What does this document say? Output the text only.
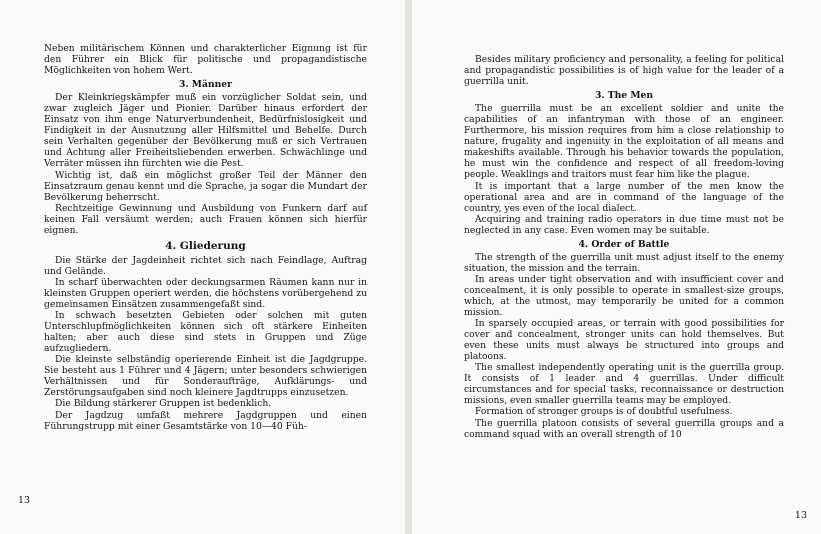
Neben militärischem Können und charakterlicher Eignung ist für den Führer ein Blick für politische und propagandistische Möglichkeiten von hohem Wert.

3. Männer

Der Kleinkriegskämpfer muß ein vorzüglicher Soldat sein, und zwar zugleich Jäger und Pionier. Darüber hinaus erfordert der Einsatz von ihm enge Naturverbundenheit, Bedürfnislosigkeit und Findigkeit in der Ausnutzung aller Hilfsmittel und Behelfe. Durch sein Verhalten gegenüber der Bevölkerung muß er sich Vertrauen und Achtung aller Freiheitsliebenden erwerben. Schwächlinge und Verräter müssen ihn fürchten wie die Pest.

Wichtig ist, daß ein möglichst großer Teil der Männer den Einsatzraum genau kennt und die Sprache, ja sogar die Mundart der Bevölkerung beherrscht.

Rechtzeitige Gewinnung und Ausbildung von Funkern darf auf keinen Fall versäumt werden; auch Frauen können sich hierfür eignen.

4. Gliederung

Die Stärke der Jagdeinheit richtet sich nach Feindlage, Auftrag und Gelände.

In scharf überwachten oder deckungsarmen Räumen kann nur in kleinsten Gruppen operiert werden, die höchstens vorübergehend zu gemeinsamen Einsätzen zusammengefaßt sind.

In schwach besetzten Gebieten oder solchen mit guten Unterschlupfmöglichkeiten können sich oft stärkere Einheiten halten; aber auch diese sind stets in Gruppen und Züge aufzugliedern.

Die kleinste selbständig operierende Einheit ist die Jagdgruppe. Sie besteht aus 1 Führer und 4 Jägern; unter besonders schwierigen Verhältnissen und für Sonderaufträge, Aufklärungs- und Zerstörungsaufgaben sind noch kleinere Jagdtrupps einzusetzen.

Die Bildung stärkerer Gruppen ist bedenklich.

Der Jagdzug umfaßt mehrere Jagdgruppen und einen Führungstrupp mit einer Gesamtstärke von 10—40 Füh-

13

Besides military proficiency and personality, a feeling for political and propagandistic possibilities is of high value for the leader of a guerrilla unit.

3. The Men

The guerrilla must be an excellent soldier and unite the capabilities of an infantryman with those of an engineer. Furthermore, his mission requires from him a close relationship to nature, frugality and ingenuity in the exploitation of all means and makeshifts available. Through his behavior towards the population, he must win the confidence and respect of all freedom-loving people. Weaklings and traitors must fear him like the plague.

It is important that a large number of the men know the operational area and are in command of the language of the country, yes even of the local dialect.

Acquiring and training radio operators in due time must not be neglected in any case. Even women may be suitable.

4. Order of Battle

The strength of the guerrilla unit must adjust itself to the enemy situation, the mission and the terrain.

In areas under tight observation and with insufficient cover and concealment, it is only possible to operate in smallest-size groups, which, at the utmost, may temporarily be united for a common mission.

In sparsely occupied areas, or terrain with good possibilities for cover and concealment, stronger units can hold themselves. But even these units must always be structured into groups and platoons.

The smallest independently operating unit is the guerrilla group. It consists of 1 leader and 4 guerrillas. Under difficult circumstances and for special tasks, reconnaissance or destruction missions, even smaller guerrilla teams may be employed.

Formation of stronger groups is of doubtful usefulness.

The guerrilla platoon consists of several guerrilla groups and a command squad with an overall strength of 10

13
